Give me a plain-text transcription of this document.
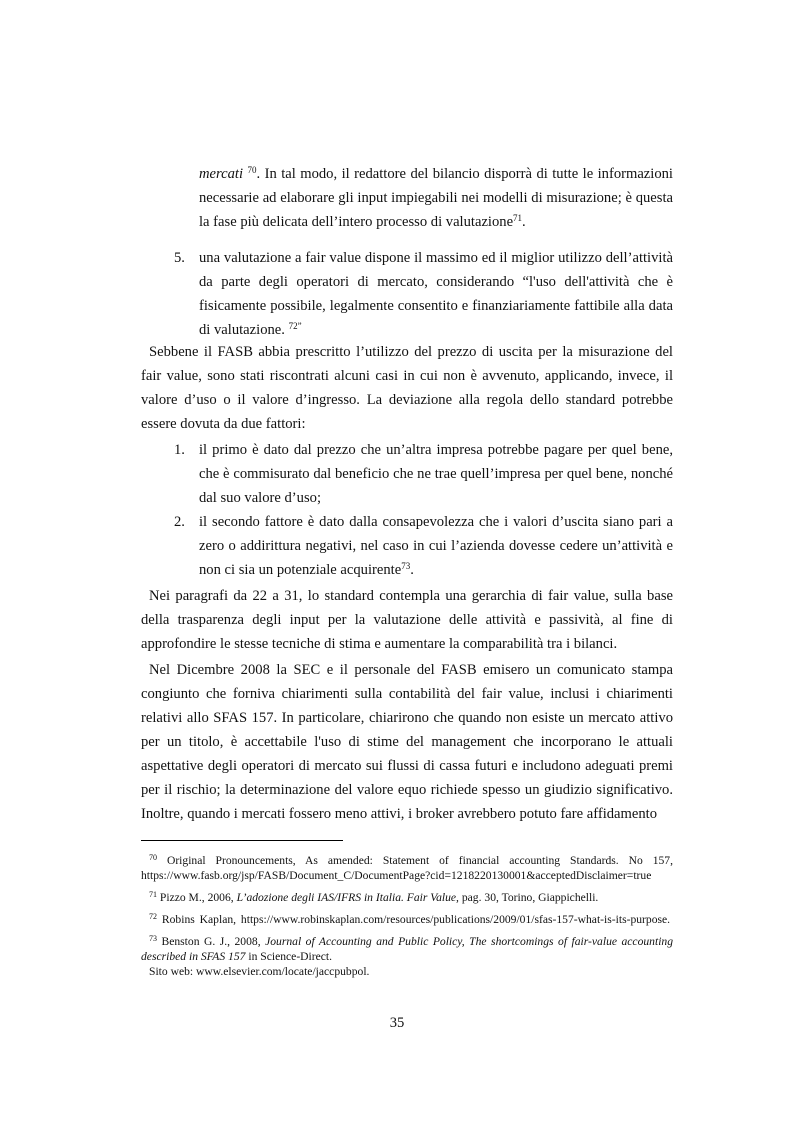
mercati $^{70}$. In tal modo, il redattore del bilancio disporrà di tutte le informazioni necessarie ad elaborare gli input impiegabili nei modelli di misurazione; è questa la fase più delicata dell’intero processo di valutazione$^{71}$.
5. una valutazione a fair value dispone il massimo ed il miglior utilizzo dell’attività da parte degli operatori di mercato, considerando “l'uso dell'attività che è fisicamente possibile, legalmente consentito e finanziariamente fattibile alla data di valutazione. $^{72”}$
Sebbene il FASB abbia prescritto l’utilizzo del prezzo di uscita per la misurazione del fair value, sono stati riscontrati alcuni casi in cui non è avvenuto, applicando, invece, il valore d’uso o il valore d’ingresso. La deviazione alla regola dello standard potrebbe essere dovuta da due fattori:
1. il primo è dato dal prezzo che un’altra impresa potrebbe pagare per quel bene, che è commisurato dal beneficio che ne trae quell’impresa per quel bene, nonché dal suo valore d’uso;
2. il secondo fattore è dato dalla consapevolezza che i valori d’uscita siano pari a zero o addirittura negativi, nel caso in cui l’azienda dovesse cedere un’attività e non ci sia un potenziale acquirente$^{73}$.
Nei paragrafi da 22 a 31, lo standard contempla una gerarchia di fair value, sulla base della trasparenza degli input per la valutazione delle attività e passività, al fine di approfondire le stesse tecniche di stima e aumentare la comparabilità tra i bilanci.
Nel Dicembre 2008 la SEC e il personale del FASB emisero un comunicato stampa congiunto che forniva chiarimenti sulla contabilità del fair value, inclusi i chiarimenti relativi allo SFAS 157. In particolare, chiarirono che quando non esiste un mercato attivo per un titolo, è accettabile l'uso di stime del management che incorporano le attuali aspettative degli operatori di mercato sui flussi di cassa futuri e includono adeguati premi per il rischio; la determinazione del valore equo richiede spesso un giudizio significativo. Inoltre, quando i mercati fossero meno attivi, i broker avrebbero potuto fare affidamento

$^{70}$ Original Pronouncements, As amended: Statement of financial accounting Standards. No 157, https://www.fasb.org/jsp/FASB/Document_C/DocumentPage?cid=1218220130001&acceptedDisclaimer=true

$^{71}$ Pizzo M., 2006, L’adozione degli IAS/IFRS in Italia. Fair Value, pag. 30, Torino, Giappichelli.

$^{72}$ Robins Kaplan, https://www.robinskaplan.com/resources/publications/2009/01/sfas-157-what-is-its-purpose.

$^{73}$ Benston G. J., 2008, Journal of Accounting and Public Policy, The shortcomings of fair-value accounting described in SFAS 157 in Science-Direct.

Sito web: www.elsevier.com/locate/jaccpubpol.

35
